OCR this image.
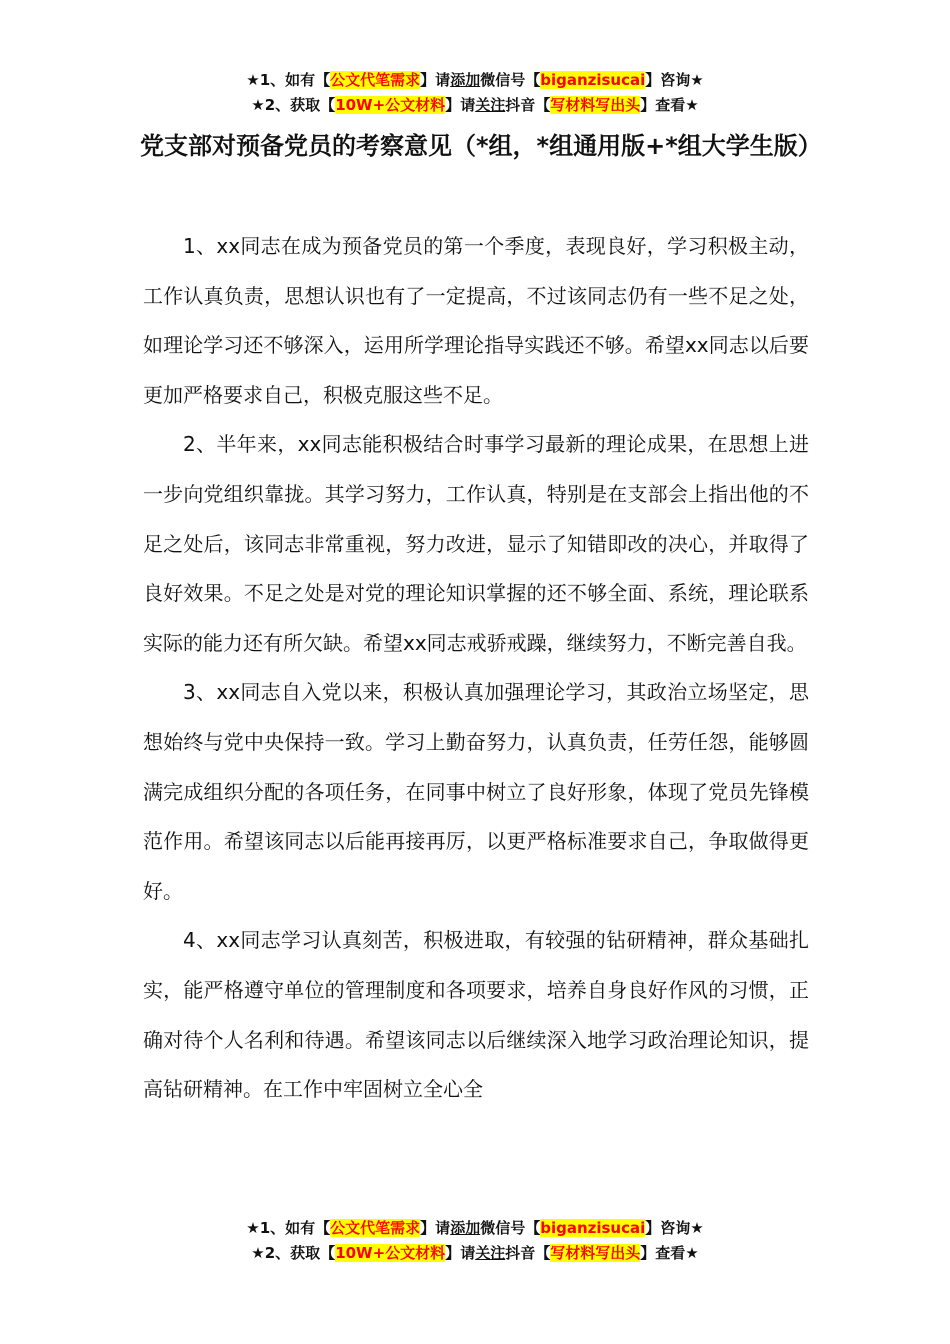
★1、如有【公文代笔需求】请添加微信号【biganzisucai】咨询★
★2、获取【10W+公文材料】请关注抖音【写材料写出头】查看★
党支部对预备党员的考察意见（*组，*组通用版+*组大学生版）

1、xx同志在成为预备党员的第一个季度，表现良好，学习积极主动，工作认真负责，思想认识也有了一定提高，不过该同志仍有一些不足之处，如理论学习还不够深入，运用所学理论指导实践还不够。希望xx同志以后要更加严格要求自己，积极克服这些不足。

2、半年来，xx同志能积极结合时事学习最新的理论成果，在思想上进一步向党组织靠拢。其学习努力，工作认真，特别是在支部会上指出他的不足之处后，该同志非常重视，努力改进，显示了知错即改的决心，并取得了良好效果。不足之处是对党的理论知识掌握的还不够全面、系统，理论联系实际的能力还有所欠缺。希望xx同志戒骄戒躁，继续努力，不断完善自我。

3、xx同志自入党以来，积极认真加强理论学习，其政治立场坚定，思想始终与党中央保持一致。学习上勤奋努力，认真负责，任劳任怨，能够圆满完成组织分配的各项任务，在同事中树立了良好形象，体现了党员先锋模范作用。希望该同志以后能再接再厉，以更严格标准要求自己，争取做得更好。

4、xx同志学习认真刻苦，积极进取，有较强的钻研精神，群众基础扎实，能严格遵守单位的管理制度和各项要求，培养自身良好作风的习惯，正确对待个人名利和待遇。希望该同志以后继续深入地学习政治理论知识，提高钻研精神。在工作中牢固树立全心全

★1、如有【公文代笔需求】请添加微信号【biganzisucai】咨询★
★2、获取【10W+公文材料】请关注抖音【写材料写出头】查看★
